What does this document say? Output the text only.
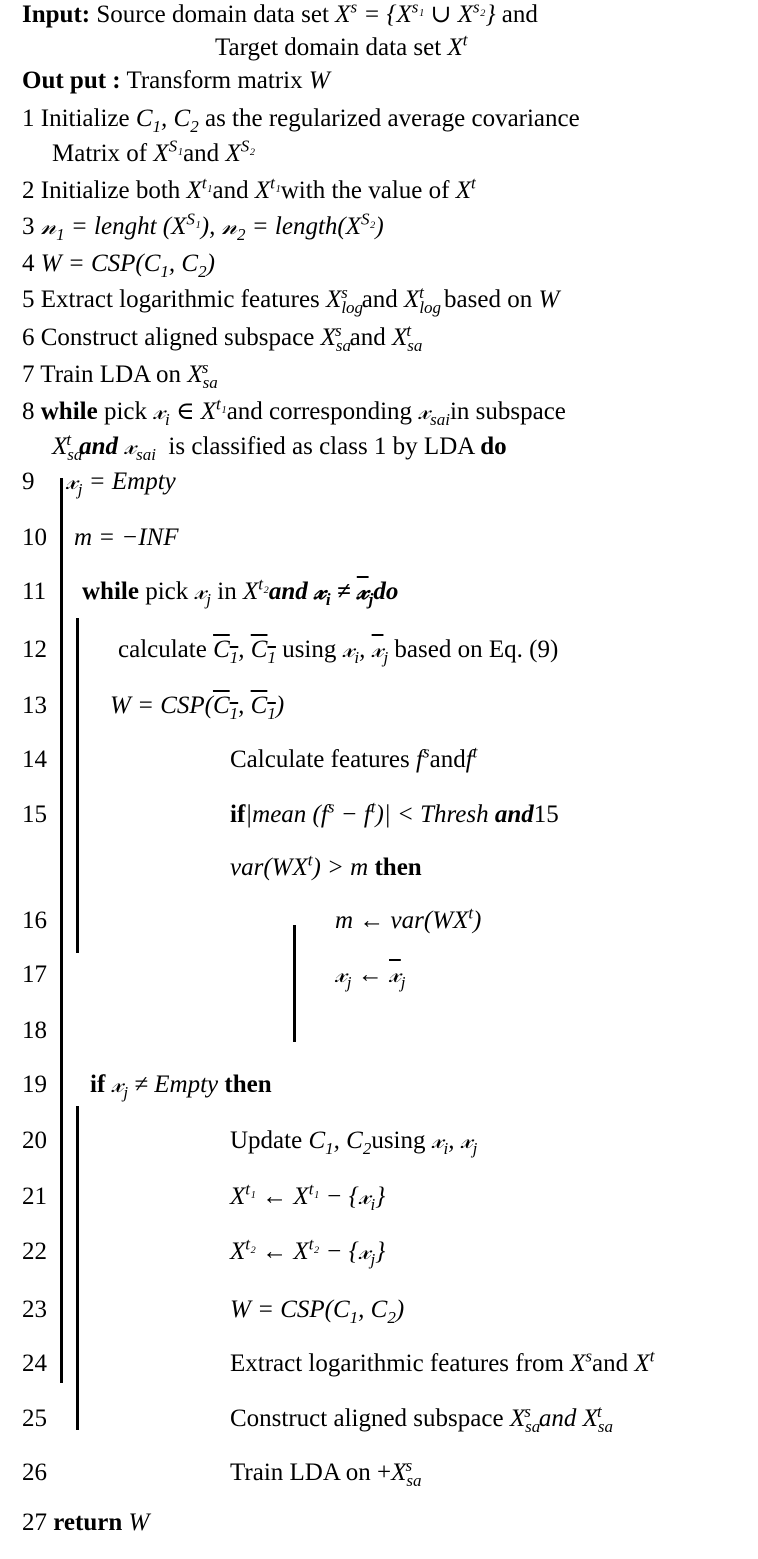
Input: Source domain data set $X^s = \{X^{s_1}$ ∪ $X^{s_2}$} and
Target domain data set $X^t$
Out put : Transform matrix W
1 Initialize $C_1$, $C_2$ as the regularized average covariance
Matrix of $X^{S_1}and$ $X^{S_2}$
2 Initialize both $X^{t_1}and$ $X^{t_1}with$ the value of $X^t$
3 𝓃$_1$ = lenght $(X^{S_1})$, 𝓃$_2$ = $length(X^{S_2})$
4 $W = CSP(C_1$, $C_2$)
5 Extract logarithmic features $X_{log}^s$ and $X_{log}^t$ based on W
6 Construct aligned subspace $X_{sa}^s$ and $X_{sa}^t$
7 Train LDA on $X_{sa}^s$
8 while pick 𝓍$_i$ ∈ $X^{t_1}and$ corresponding 𝓍$_{sai}$in subspace
$X_{sa}^t$ and 𝓍$_{sai}$ is classified as class 1 by LDA do
9 𝓍$_j$ = Empty
10 m = −INF
11 while pick 𝓍$_j$ in $X^{t_2}and$ 𝓍$_i$ ≠ 𝓍$_j$do
12	calculate $C_1$, $C_1$ using 𝓍$_i$, 𝓍$_j$ based on Eq. (9)
13	$W = CSP(C_1$, $C_1$)
14	Calculate features $f^sandf^t$
15	if|mean $(f^s - f^t)|$ < Thresh and15
$var(WX^t) > m$ then
16	m ← $var(WX^t)$
17	𝓍$_j$ ← 𝓍$_j$
18
19 if 𝓍$_j$ ≠ Empty then
20	Update $C_1$, $C_2using$ 𝓍$_i$, 𝓍$_j$
21	$X^{t_1}$ ← $X^{t_1}$ − {𝓍$_i$}
22	$X^{t_2}$ ← $X^{t_2}$ − {𝓍$_j$}
23	$W = CSP(C_1$, $C_2$)
24	Extract logarithmic features from $X^sand$ $X^t$
25	Construct aligned subspace $X_{sa}^s$ and $X_{sa}^t$
26	Train LDA on $+X_{sa}^s$
27 return W
